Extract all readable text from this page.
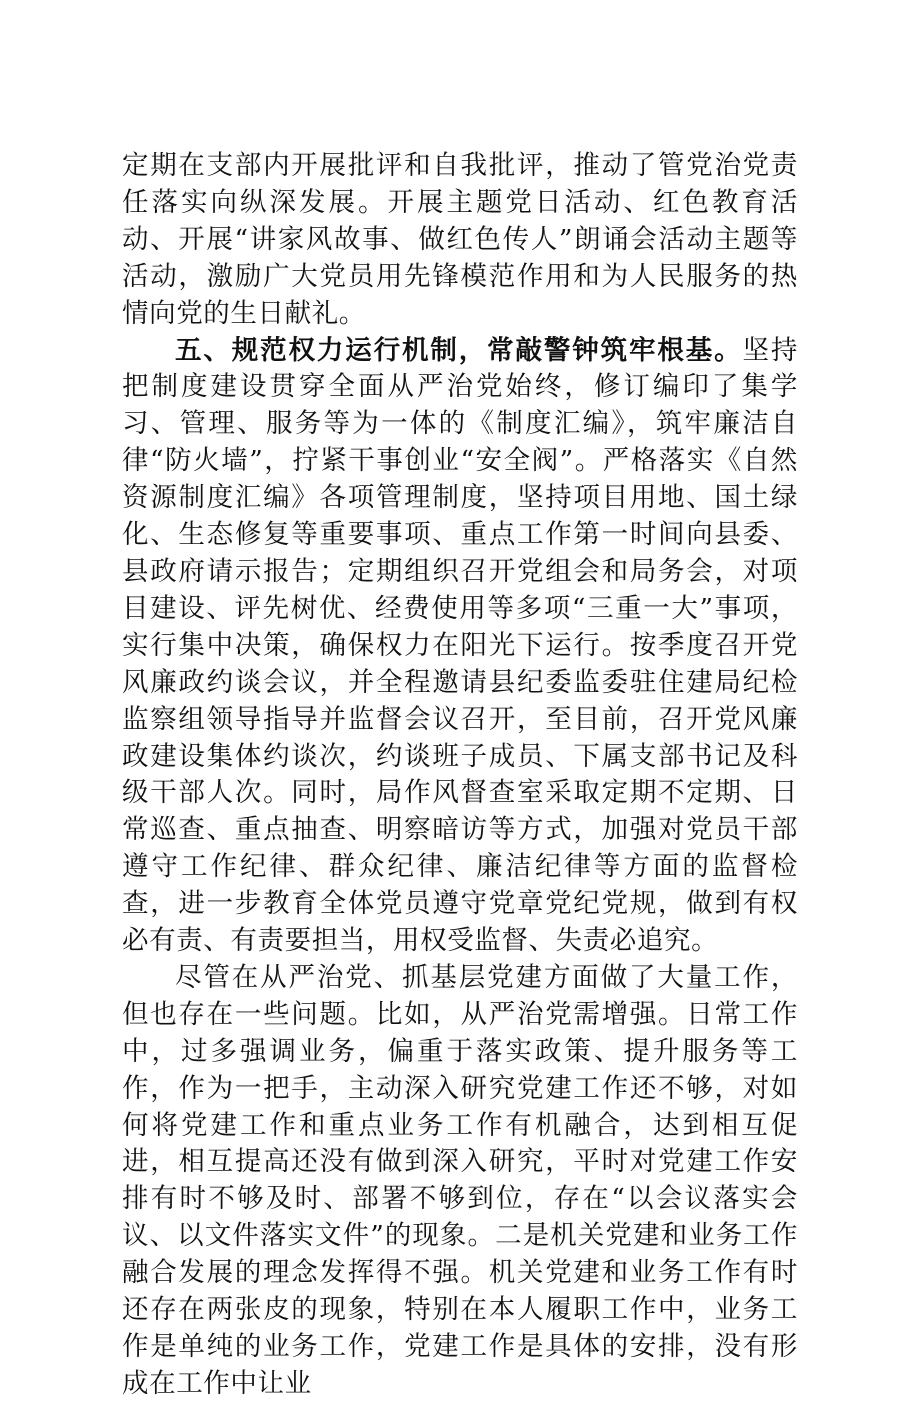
定期在支部内开展批评和自我批评，推动了管党治党责任落实向纵深发展。开展主题党日活动、红色教育活动、开展“讲家风故事、做红色传人”朗诵会活动主题等活动，激励广大党员用先锋模范作用和为人民服务的热情向党的生日献礼。

五、规范权力运行机制，常敲警钟筑牢根基。坚持把制度建设贯穿全面从严治党始终，修订编印了集学习、管理、服务等为一体的《制度汇编》，筑牢廉洁自律“防火墙”，拧紧干事创业“安全阀”。严格落实《自然资源制度汇编》各项管理制度，坚持项目用地、国土绿化、生态修复等重要事项、重点工作第一时间向县委、县政府请示报告；定期组织召开党组会和局务会，对项目建设、评先树优、经费使用等多项“三重一大”事项，实行集中决策，确保权力在阳光下运行。按季度召开党风廉政约谈会议，并全程邀请县纪委监委驻住建局纪检监察组领导指导并监督会议召开，至目前，召开党风廉政建设集体约谈次，约谈班子成员、下属支部书记及科级干部人次。同时，局作风督查室采取定期不定期、日常巡查、重点抽查、明察暗访等方式，加强对党员干部遵守工作纪律、群众纪律、廉洁纪律等方面的监督检查，进一步教育全体党员遵守党章党纪党规，做到有权必有责、有责要担当，用权受监督、失责必追究。

尽管在从严治党、抓基层党建方面做了大量工作，但也存在一些问题。比如，从严治党需增强。日常工作中，过多强调业务，偏重于落实政策、提升服务等工作，作为一把手，主动深入研究党建工作还不够，对如何将党建工作和重点业务工作有机融合，达到相互促进，相互提高还没有做到深入研究，平时对党建工作安排有时不够及时、部署不够到位，存在“以会议落实会议、以文件落实文件”的现象。二是机关党建和业务工作融合发展的理念发挥得不强。机关党建和业务工作有时还存在两张皮的现象，特别在本人履职工作中，业务工作是单纯的业务工作，党建工作是具体的安排，没有形成在工作中让业
